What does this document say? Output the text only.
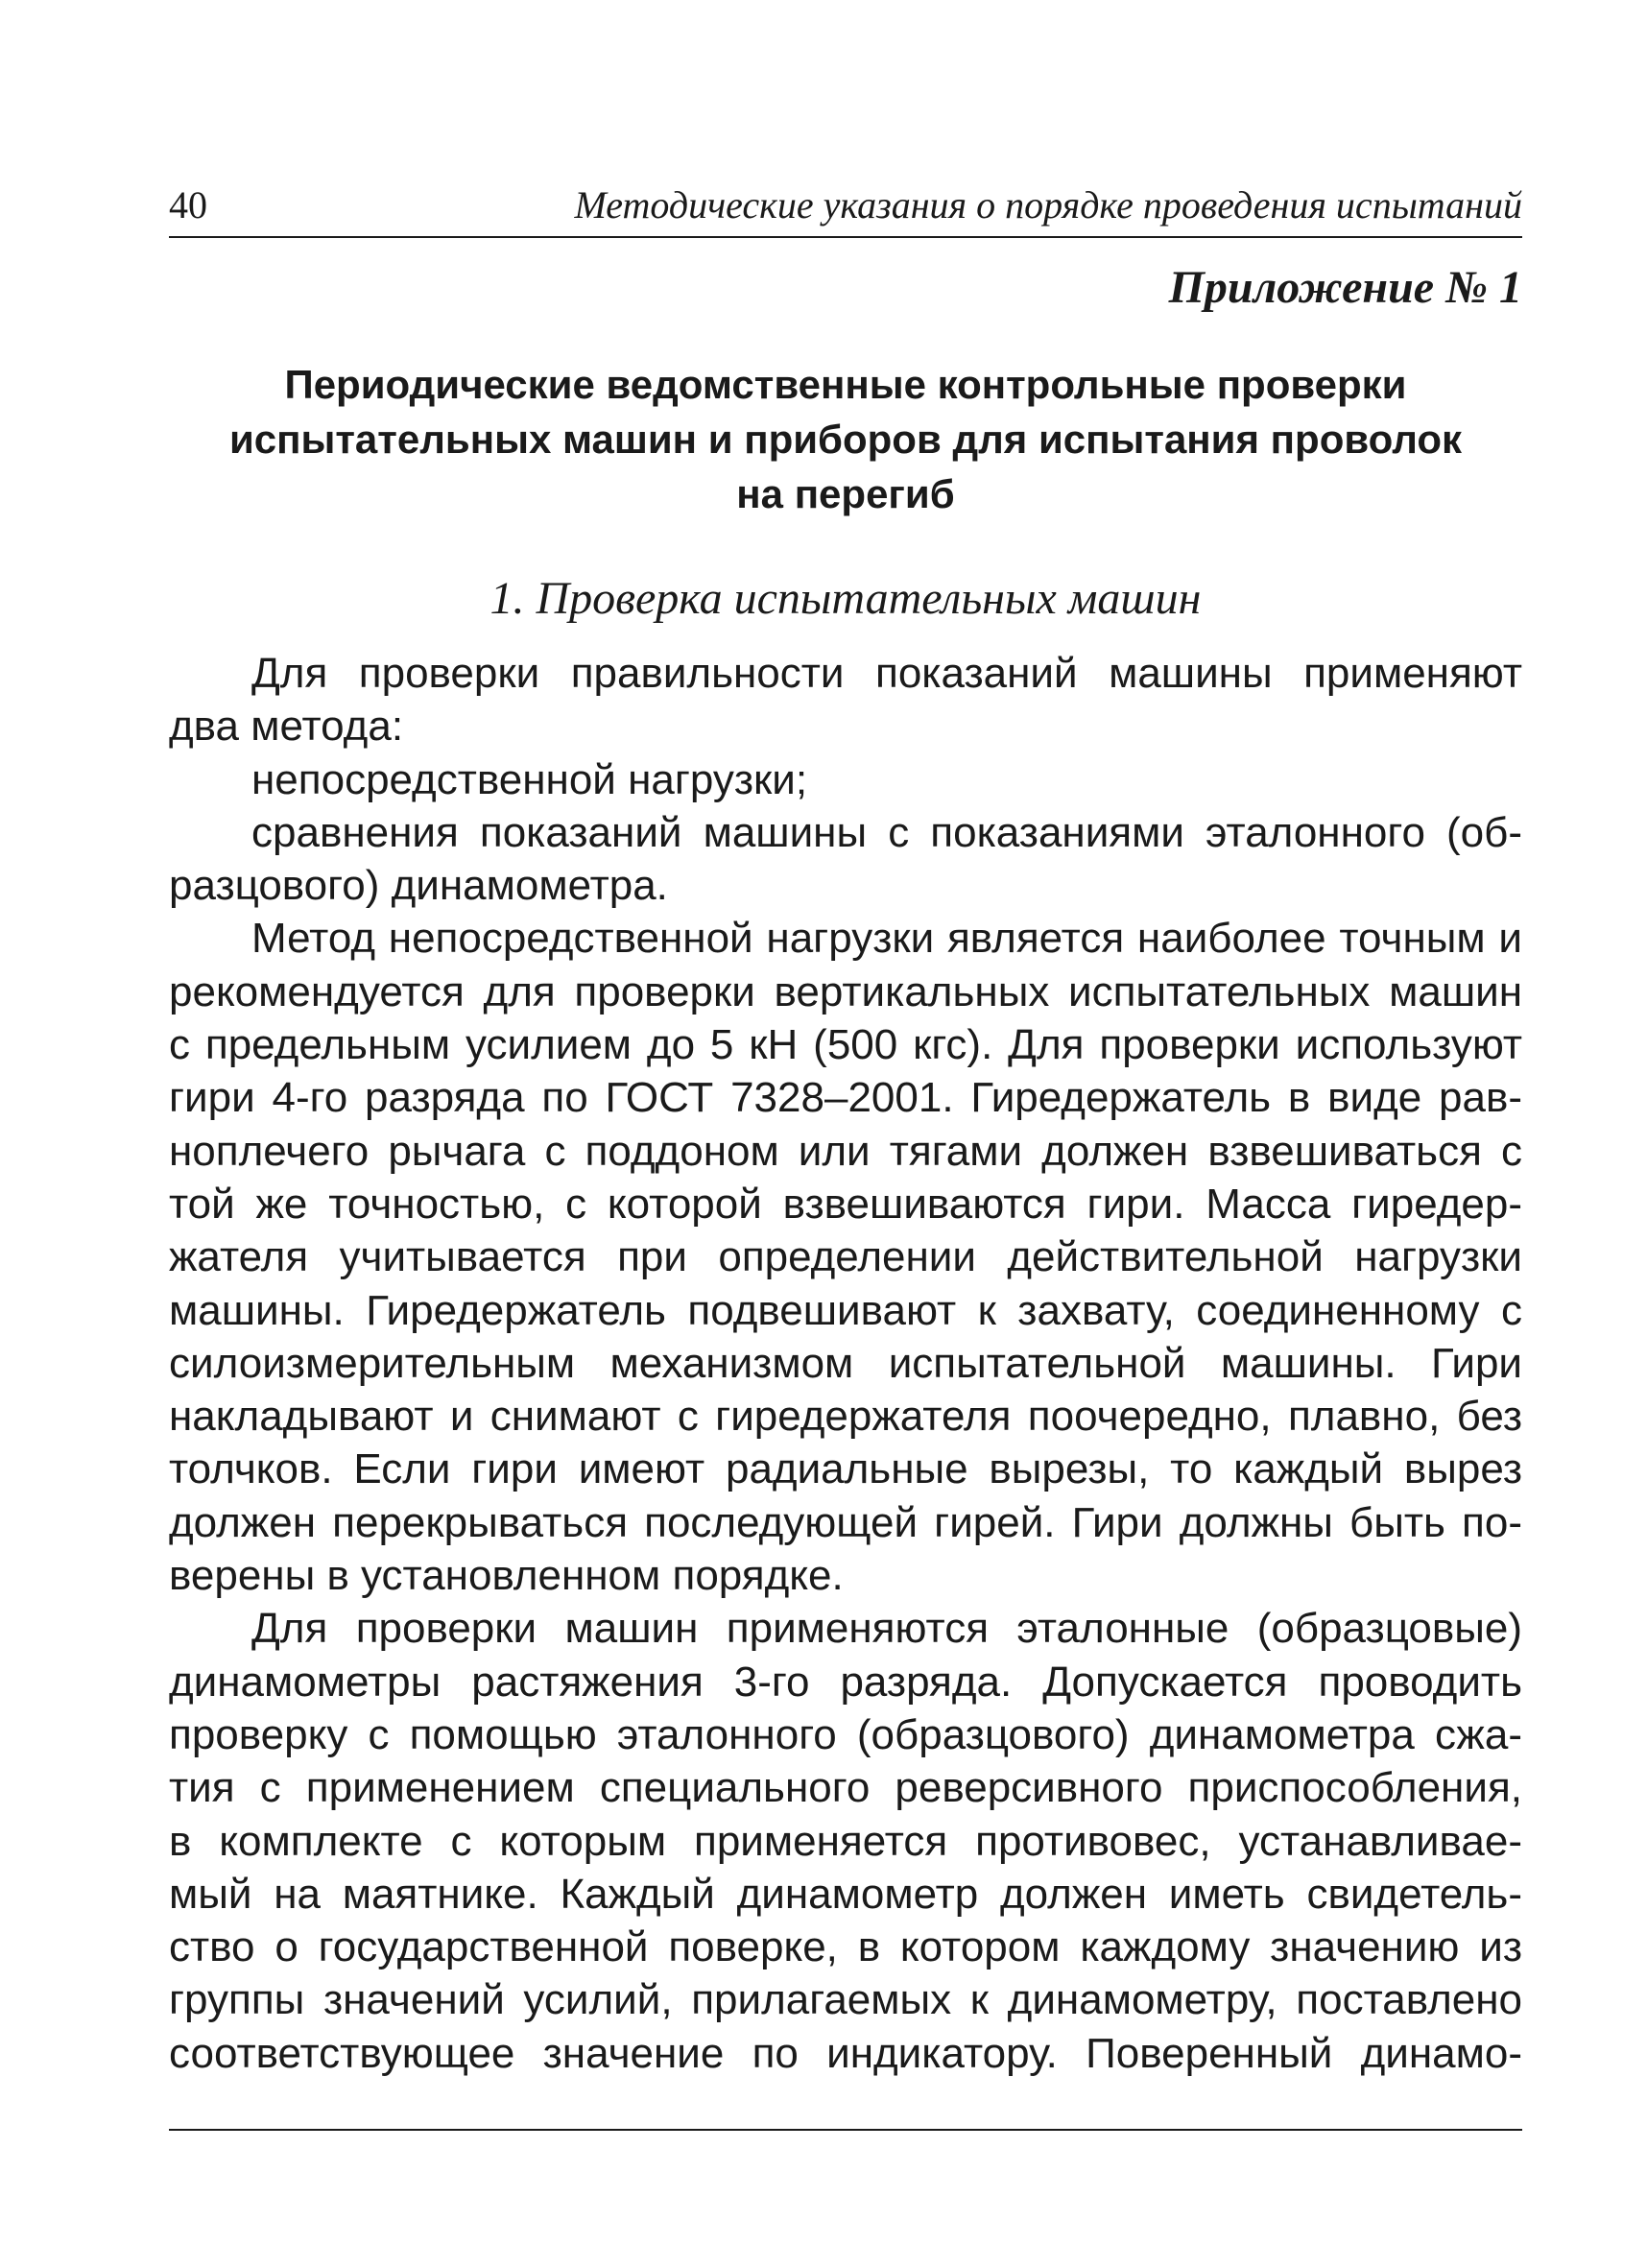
40	Методические указания о порядке проведения испытаний
Приложение № 1
Периодические ведомственные контрольные проверки
испытательных машин и приборов для испытания проволок
на перегиб
1. Проверка испытательных машин
Для проверки правильности показаний машины применяют
два метода:
непосредственной нагрузки;
сравнения показаний машины с показаниями эталонного (об-
разцового) динамометра.
Метод непосредственной нагрузки является наиболее точным и
рекомендуется для проверки вертикальных испытательных машин
с предельным усилием до 5 кН (500 кгс). Для проверки используют
гири 4-го разряда по ГОСТ 7328–2001. Гиредержатель в виде рав-
ноплечего рычага с поддоном или тягами должен взвешиваться с
той же точностью, с которой взвешиваются гири. Масса гиредер-
жателя учитывается при определении действительной нагрузки
машины. Гиредержатель подвешивают к захвату, соединенному с
силоизмерительным механизмом испытательной машины. Гири
накладывают и снимают с гиредержателя поочередно, плавно, без
толчков. Если гири имеют радиальные вырезы, то каждый вырез
должен перекрываться последующей гирей. Гири должны быть по-
верены в установленном порядке.
Для проверки машин применяются эталонные (образцовые)
динамометры растяжения 3-го разряда. Допускается проводить
проверку с помощью эталонного (образцового) динамометра сжа-
тия с применением специального реверсивного приспособления,
в комплекте с которым применяется противовес, устанавливае-
мый на маятнике. Каждый динамометр должен иметь свидетель-
ство о государственной поверке, в котором каждому значению из
группы значений усилий, прилагаемых к динамометру, поставлено
соответствующее значение по индикатору. Поверенный динамо-
